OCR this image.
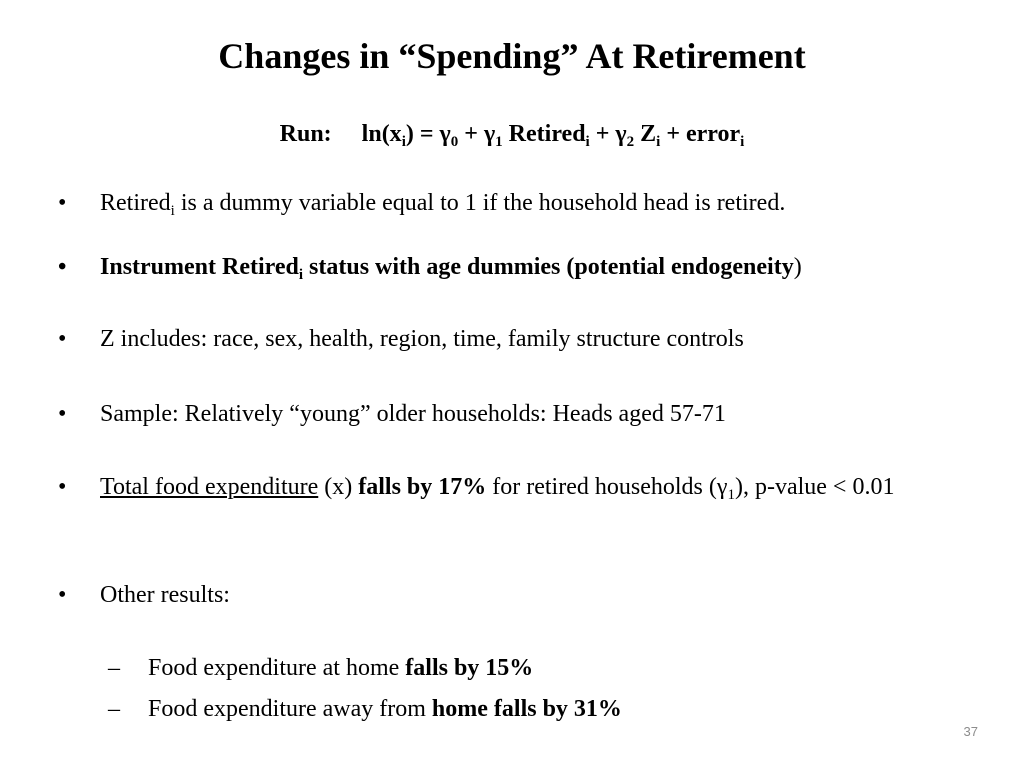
Changes in “Spending” At Retirement
Run: $\ln(x_i) = \gamma_0 + \gamma_1$ Retired$_i$ + $\gamma_2$ $Z_i$ + error$_i$
•	Retired$_i$ is a dummy variable equal to 1 if the household head is retired.
•	Instrument Retired$_i$ status with age dummies (potential endogeneity)
•	Z includes: race, sex, health, region, time, family structure controls
•	Sample: Relatively “young” older households: Heads aged 57-71
•	Total food expenditure (x) falls by 17% for retired households $(\gamma_1)$, p-value < 0.01
•	Other results:
–	Food expenditure at home falls by 15%
–	Food expenditure away from home falls by 31%
37
